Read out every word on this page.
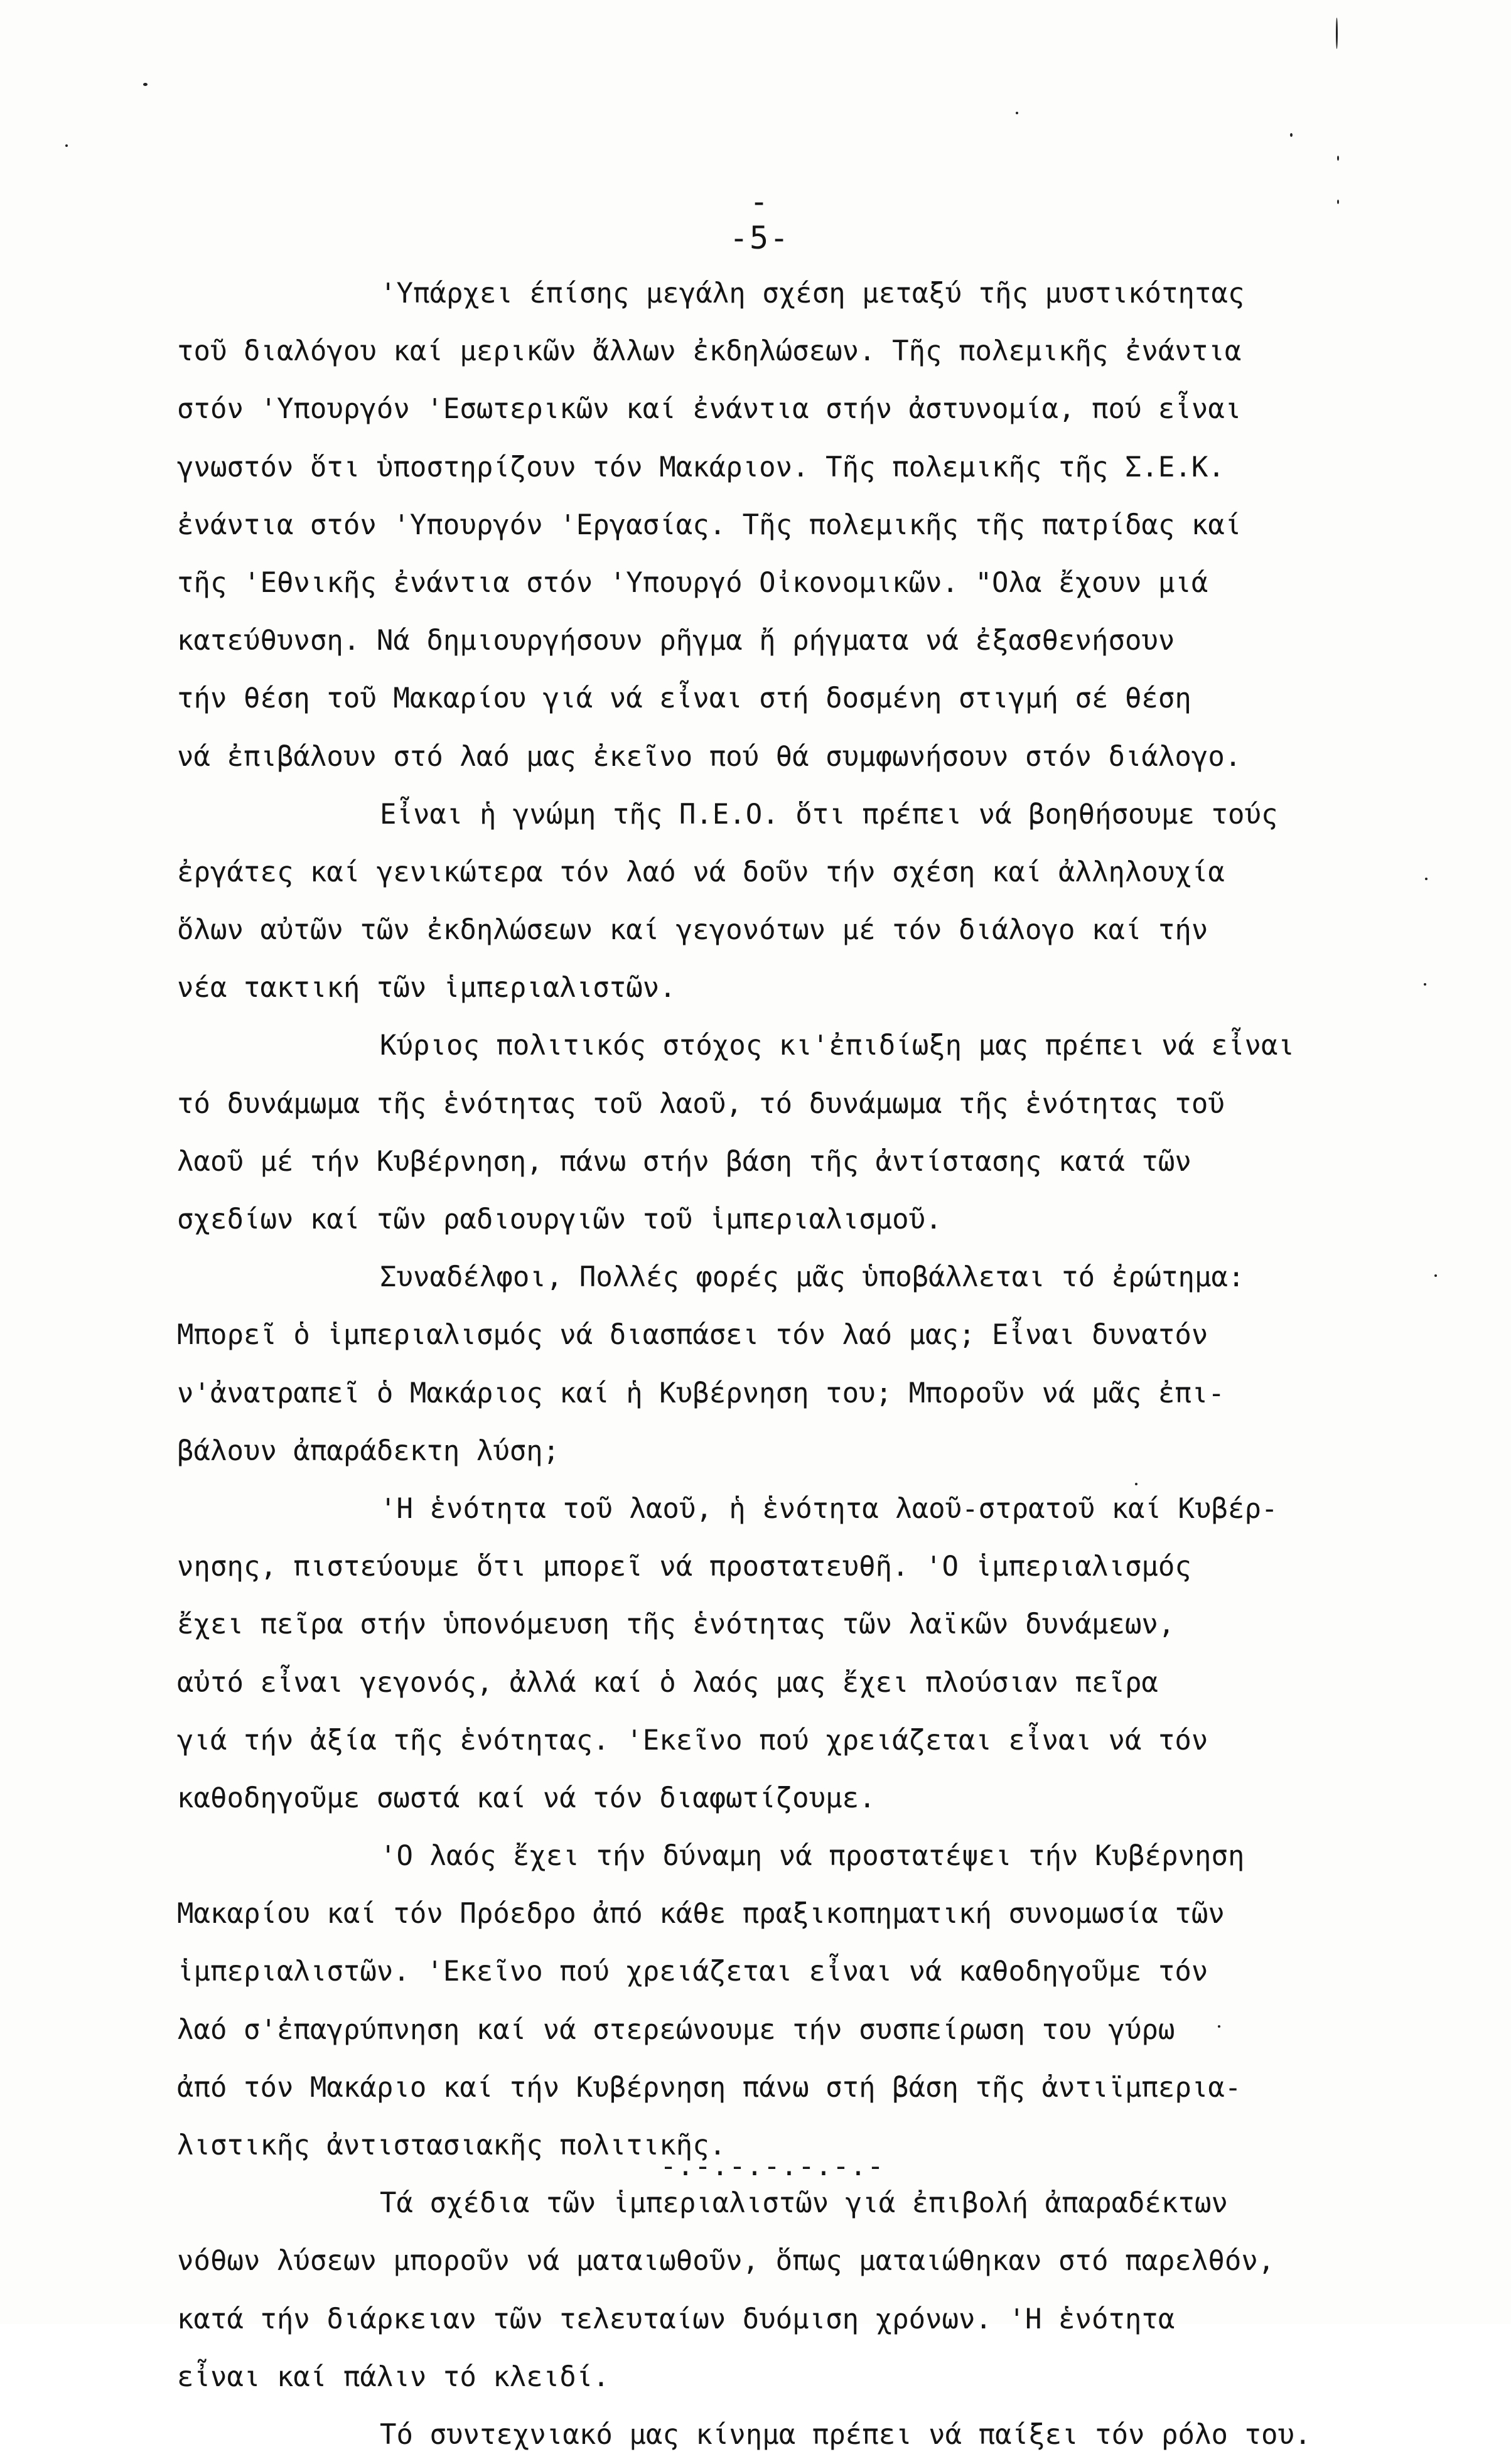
--5-
'Υπάρχει έπίσης μεγάλη σχέση μεταξύ τῆς μυστικότητας
τοῦ διαλόγου καί μερικῶν ἄλλων ἐκδηλώσεων. Τῆς πολεμικῆς ἐνάντια
στόν 'Υπουργόν 'Εσωτερικῶν καί ἐνάντια στήν ἀστυνομία, πού εἶναι
γνωστόν ὅτι ὑποστηρίζουν τόν Μακάριον. Τῆς πολεμικῆς τῆς Σ.Ε.Κ.
ἐνάντια στόν 'Υπουργόν 'Εργασίας. Τῆς πολεμικῆς τῆς πατρίδας καί
τῆς 'Εθνικῆς ἐνάντια στόν 'Υπουργό Οἰκονομικῶν. "Ολα ἔχουν μιά
κατεύθυνση. Νά δημιουργήσουν ρῆγμα ἤ ρήγματα νά ἐξασθενήσουν
τήν θέση τοῦ Μακαρίου γιά νά εἶναι στή δοσμένη στιγμή σέ θέση
νά ἐπιβάλουν στό λαό μας ἐκεῖνο πού θά συμφωνήσουν στόν διάλογο.
Εἶναι ἡ γνώμη τῆς Π.Ε.Ο. ὅτι πρέπει νά βοηθήσουμε τούς
ἐργάτες καί γενικώτερα τόν λαό νά δοῦν τήν σχέση καί ἀλληλουχία
ὅλων αὐτῶν τῶν ἐκδηλώσεων καί γεγονότων μέ τόν διάλογο καί τήν
νέα τακτική τῶν ἱμπεριαλιστῶν.
Κύριος πολιτικός στόχος κι'ἐπιδίωξη μας πρέπει νά εἶναι
τό δυνάμωμα τῆς ἑνότητας τοῦ λαοῦ, τό δυνάμωμα τῆς ἑνότητας τοῦ
λαοῦ μέ τήν Κυβέρνηση, πάνω στήν βάση τῆς ἀντίστασης κατά τῶν
σχεδίων καί τῶν ραδιουργιῶν τοῦ ἱμπεριαλισμοῦ.
Συναδέλφοι, Πολλές φορές μᾶς ὑποβάλλεται τό ἐρώτημα:
Μπορεῖ ὁ ἱμπεριαλισμός νά διασπάσει τόν λαό μας; Εἶναι δυνατόν
ν'ἀνατραπεῖ ὁ Μακάριος καί ἡ Κυβέρνηση του; Μποροῦν νά μᾶς ἐπι-
βάλουν ἀπαράδεκτη λύση;
'Η ἑνότητα τοῦ λαοῦ, ἡ ἑνότητα λαοῦ-στρατοῦ καί Κυβέρ-
νησης, πιστεύουμε ὅτι μπορεῖ νά προστατευθῆ. 'Ο ἱμπεριαλισμός
ἔχει πεῖρα στήν ὑπονόμευση τῆς ἑνότητας τῶν λαϊκῶν δυνάμεων,
αὐτό εἶναι γεγονός, ἀλλά καί ὁ λαός μας ἔχει πλούσιαν πεῖρα
γιά τήν ἀξία τῆς ἑνότητας. 'Εκεῖνο πού χρειάζεται εἶναι νά τόν
καθοδηγοῦμε σωστά καί νά τόν διαφωτίζουμε.
'Ο λαός ἔχει τήν δύναμη νά προστατέψει τήν Κυβέρνηση
Μακαρίου καί τόν Πρόεδρο ἀπό κάθε πραξικοπηματική συνομωσία τῶν
ἱμπεριαλιστῶν. 'Εκεῖνο πού χρειάζεται εἶναι νά καθοδηγοῦμε τόν
λαό σ'ἐπαγρύπνηση καί νά στερεώνουμε τήν συσπείρωση του γύρω
ἀπό τόν Μακάριο καί τήν Κυβέρνηση πάνω στή βάση τῆς ἀντιϊμπερια-
λιστικῆς ἀντιστασιακῆς πολιτικῆς.
Τά σχέδια τῶν ἱμπεριαλιστῶν γιά ἐπιβολή ἀπαραδέκτων
νόθων λύσεων μποροῦν νά ματαιωθοῦν, ὅπως ματαιώθηκαν στό παρελθόν,
κατά τήν διάρκειαν τῶν τελευταίων δυόμιση χρόνων. 'Η ἑνότητα
εἶναι καί πάλιν τό κλειδί.
Τό συντεχνιακό μας κίνημα πρέπει νά παίξει τόν ρόλο του.
-.-.-.-.-.-.-
